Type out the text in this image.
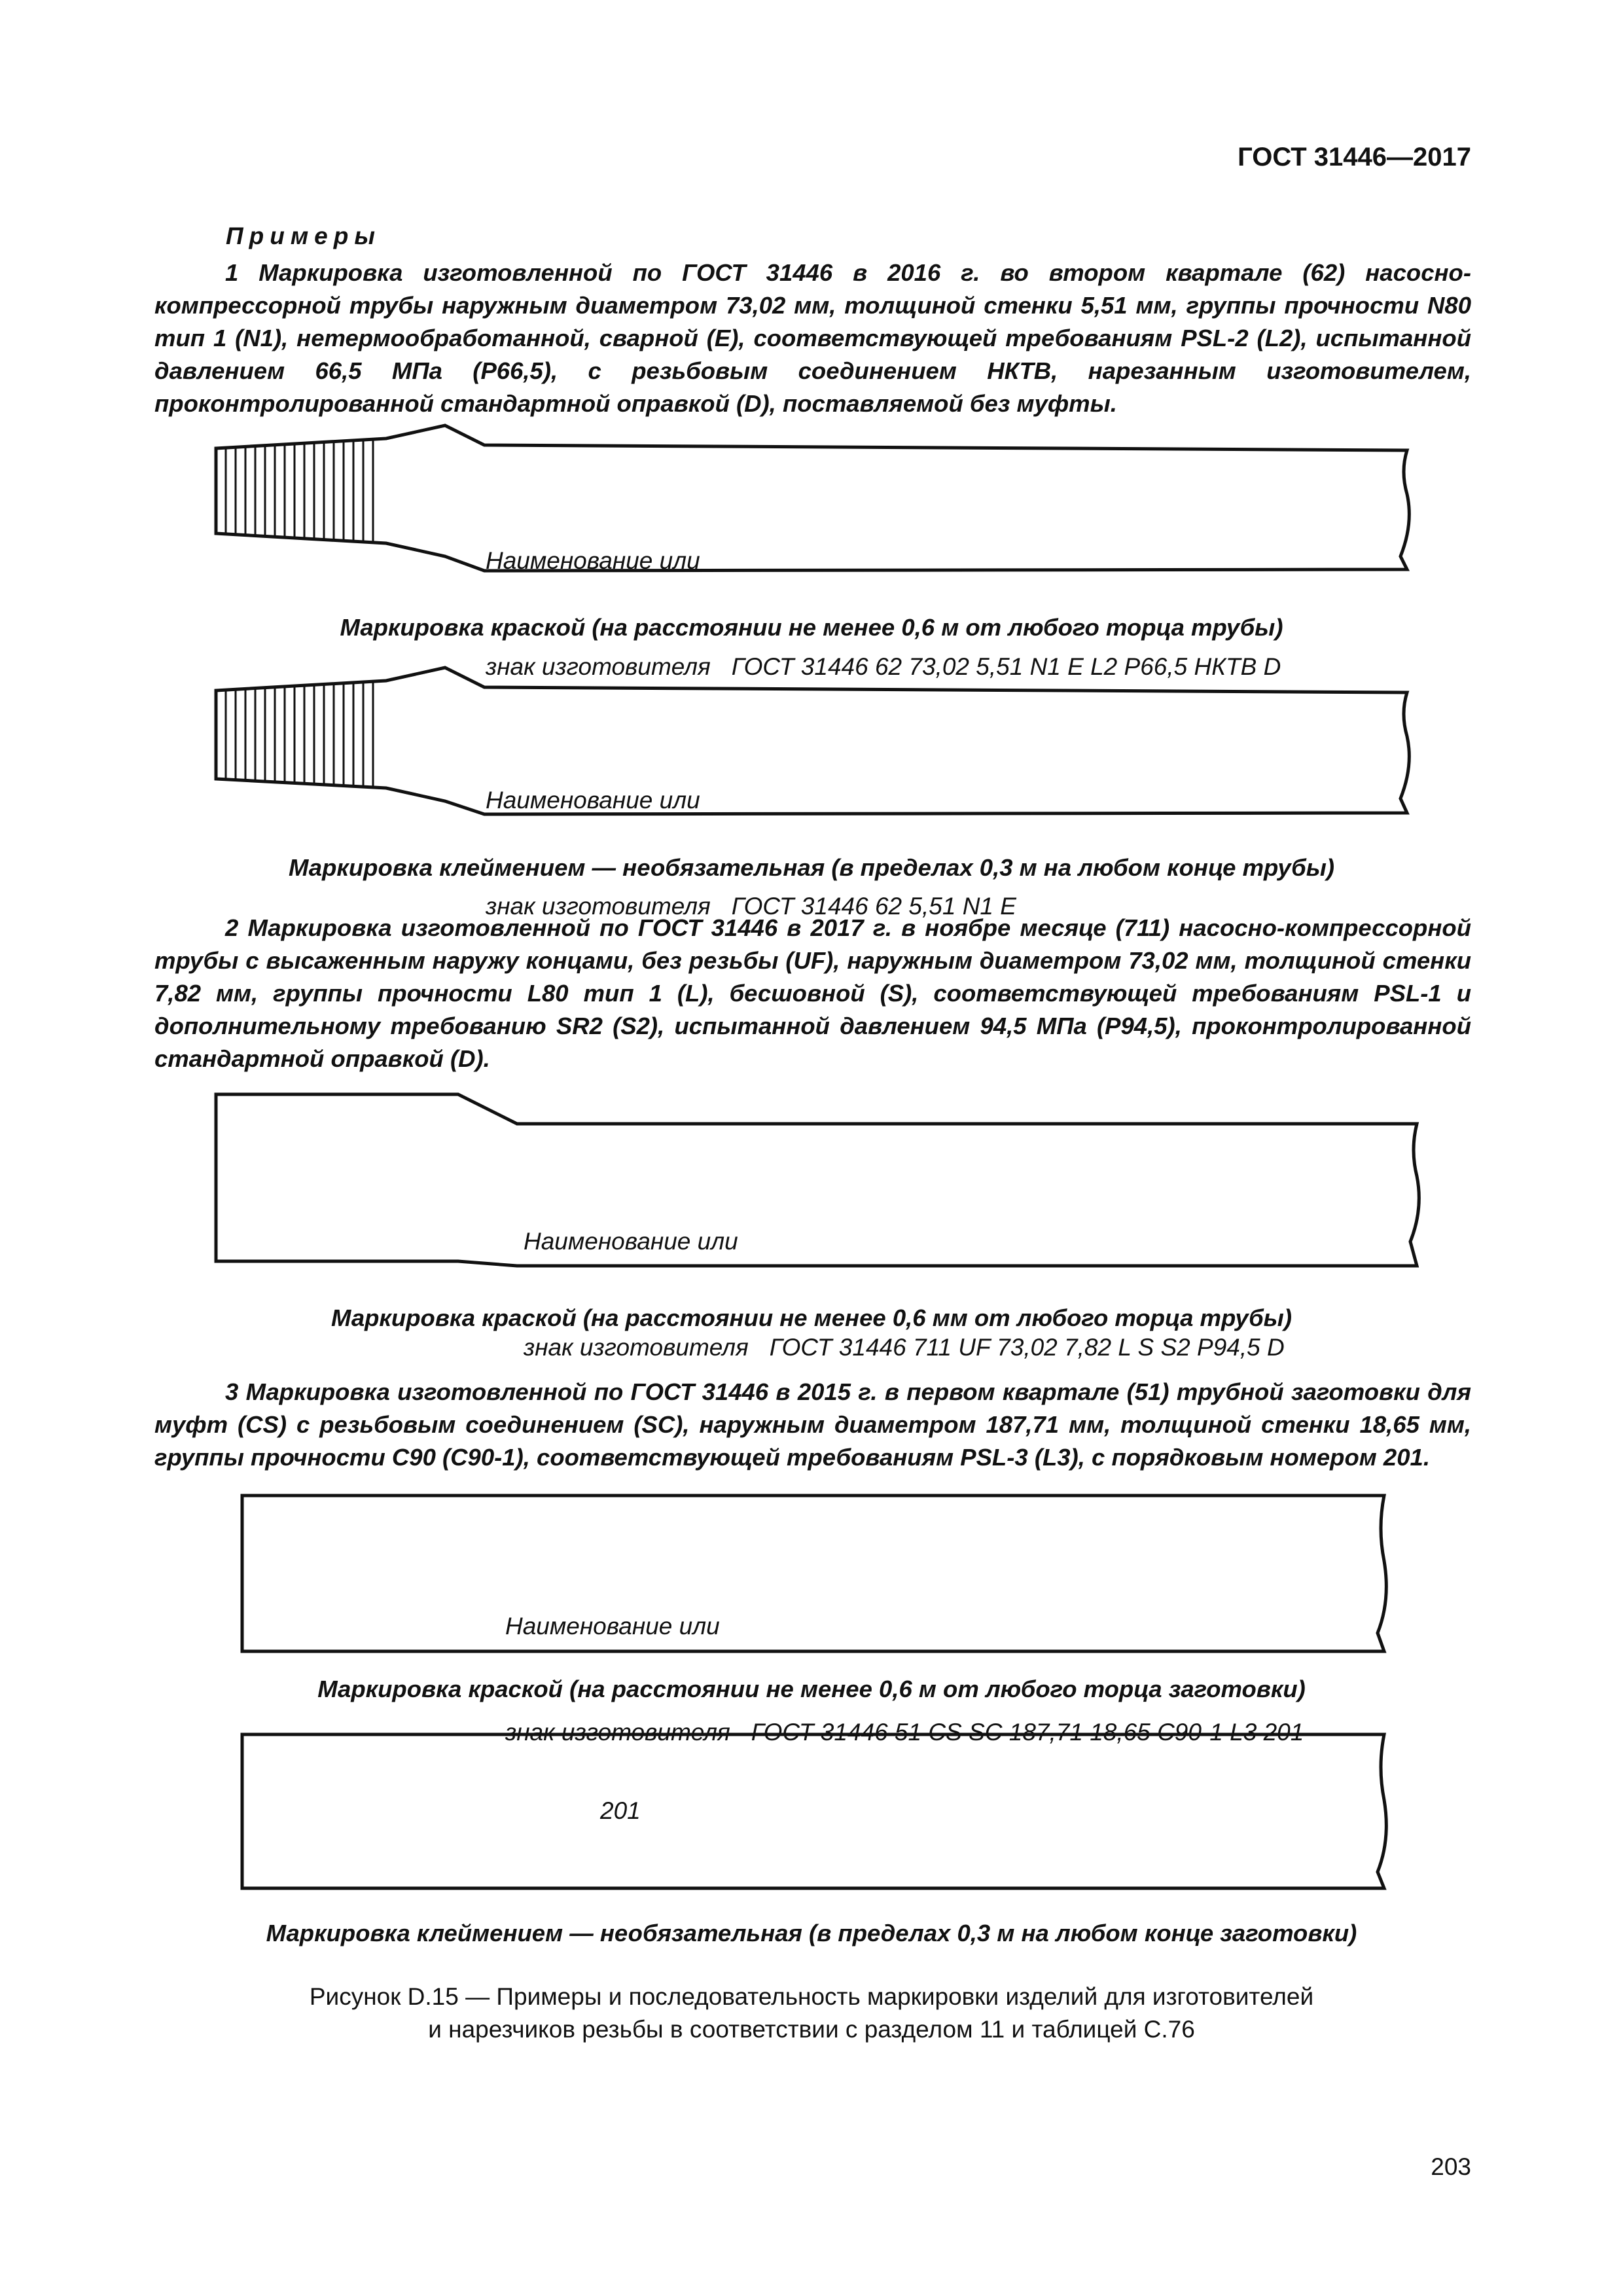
ГОСТ 31446—2017
Примеры
1 Маркировка изготовленной по ГОСТ 31446 в 2016 г. во втором квартале (62) насосно-компрессорной трубы наружным диаметром 73,02 мм, толщиной стенки 5,51 мм, группы прочности N80 тип 1 (N1), нетермообработанной, сварной (Е), соответствующей требованиям PSL-2 (L2), испытанной давлением 66,5 МПа (P66,5), с резьбовым соединением НКТВ, нарезанным изготовителем, проконтролированной стандартной оправкой (D), поставляемой без муфты.

Наименование или

знак изготовителя ГОСТ 31446 62 73,02 5,51 N1 E L2 P66,5 НКТВ D

Маркировка краской (на расстоянии не менее 0,6 м от любого торца трубы)

Наименование или

знак изготовителя ГОСТ 31446 62 5,51 N1 E

Маркировка клеймением — необязательная (в пределах 0,3 м на любом конце трубы)
2 Маркировка изготовленной по ГОСТ 31446 в 2017 г. в ноябре месяце (711) насосно-компрессорной трубы с высаженным наружу концами, без резьбы (UF), наружным диаметром 73,02 мм, толщиной стенки 7,82 мм, группы прочности L80 тип 1 (L), бесшовной (S), соответствующей требованиям PSL-1 и дополнительному требованию SR2 (S2), испытанной давлением 94,5 МПа (P94,5), проконтролированной стандартной оправкой (D).

Наименование или

знак изготовителя ГОСТ 31446 711 UF 73,02 7,82 L S S2 P94,5 D

Маркировка краской (на расстоянии не менее 0,6 мм от любого торца трубы)
3 Маркировка изготовленной по ГОСТ 31446 в 2015 г. в первом квартале (51) трубной заготовки для муфт (CS) с резьбовым соединением (SC), наружным диаметром 187,71 мм, толщиной стенки 18,65 мм, группы прочности С90 (С90-1), соответствующей требованиям PSL-3 (L3), с порядковым номером 201.

Наименование или

знак изготовителя ГОСТ 31446 51 CS SC 187,71 18,65 C90-1 L3 201

Маркировка краской (на расстоянии не менее 0,6 м от любого торца заготовки)
201
Маркировка клеймением — необязательная (в пределах 0,3 м на любом конце заготовки)
Рисунок D.15 — Примеры и последовательность маркировки изделий для изготовителей
и нарезчиков резьбы в соответствии с разделом 11 и таблицей С.76
203
